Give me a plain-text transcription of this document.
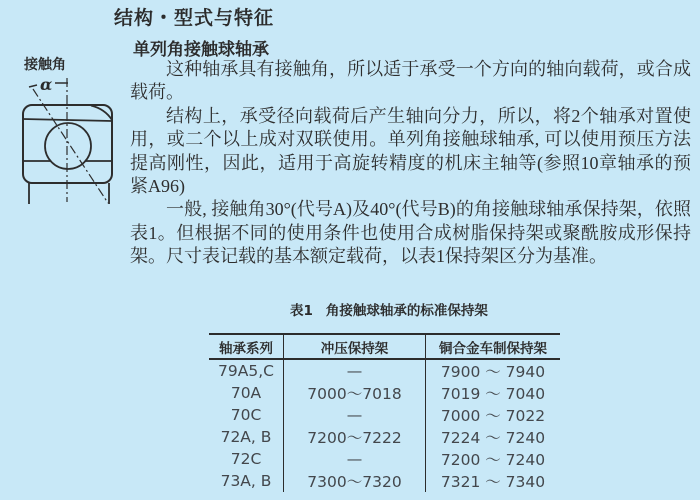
结构・型式与特征
单列角接触球轴承
接触角
α

这种轴承具有接触角，所以适于承受一个方向的轴向载荷，或合成载荷。

结构上，承受径向载荷后产生轴向分力，所以，将2个轴承对置使用，或二个以上成对双联使用。单列角接触球轴承, 可以使用预压方法提高刚性，因此，适用于高旋转精度的机床主轴等(参照10章轴承的预紧A96)

一般, 接触角30°(代号A)及40°(代号B)的角接触球轴承保持架，依照表1。但根据不同的使用条件也使用合成树脂保持架或聚酰胺成形保持架。尺寸表记载的基本额定载荷，以表1保持架区分为基准。

表1 角接触球轴承的标准保持架
轴承系列	冲压保持架	铜合金车制保持架
79A5,C	—	7900 ～ 7940
70A	7000～7018	7019 ～ 7040
70C	—	7000 ～ 7022
72A, B	7200～7222	7224 ～ 7240
72C	—	7200 ～ 7240
73A, B	7300～7320	7321 ～ 7340
